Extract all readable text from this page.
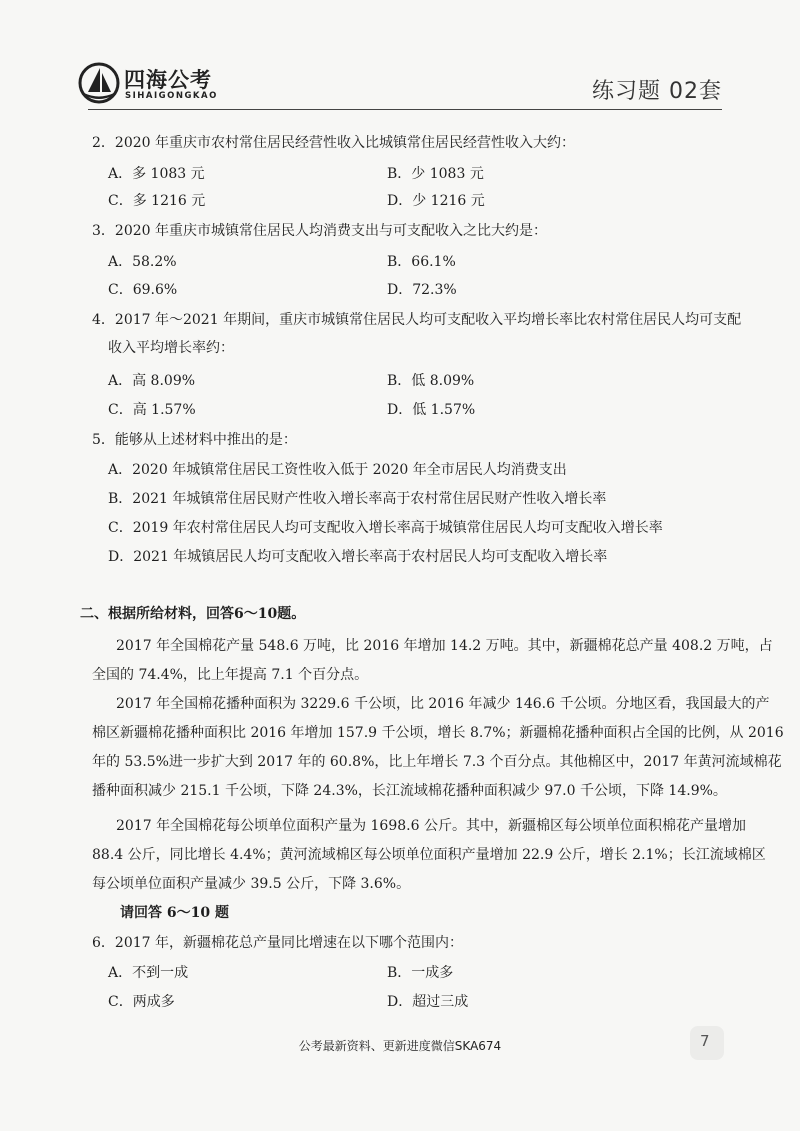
四海公考
SIHAIGONGKAO	练习题 02套
2．2020 年重庆市农村常住居民经营性收入比城镇常住居民经营性收入大约：
A．多 1083 元	B．少 1083 元
C．多 1216 元	D．少 1216 元
3．2020 年重庆市城镇常住居民人均消费支出与可支配收入之比大约是：
A．58.2%	B．66.1%
C．69.6%	D．72.3%
4．2017 年～2021 年期间，重庆市城镇常住居民人均可支配收入平均增长率比农村常住居民人均可支配
收入平均增长率约：
A．高 8.09%	B．低 8.09%
C．高 1.57%	D．低 1.57%
5．能够从上述材料中推出的是：
A．2020 年城镇常住居民工资性收入低于 2020 年全市居民人均消费支出
B．2021 年城镇常住居民财产性收入增长率高于农村常住居民财产性收入增长率
C．2019 年农村常住居民人均可支配收入增长率高于城镇常住居民人均可支配收入增长率
D．2021 年城镇居民人均可支配收入增长率高于农村居民人均可支配收入增长率
二、根据所给材料，回答6～10题。
2017 年全国棉花产量 548.6 万吨，比 2016 年增加 14.2 万吨。其中，新疆棉花总产量 408.2 万吨，占
全国的 74.4%，比上年提高 7.1 个百分点。
2017 年全国棉花播种面积为 3229.6 千公顷，比 2016 年减少 146.6 千公顷。分地区看，我国最大的产
棉区新疆棉花播种面积比 2016 年增加 157.9 千公顷，增长 8.7%；新疆棉花播种面积占全国的比例，从 2016
年的 53.5%进一步扩大到 2017 年的 60.8%，比上年增长 7.3 个百分点。其他棉区中，2017 年黄河流域棉花
播种面积减少 215.1 千公顷，下降 24.3%，长江流域棉花播种面积减少 97.0 千公顷，下降 14.9%。
2017 年全国棉花每公顷单位面积产量为 1698.6 公斤。其中，新疆棉区每公顷单位面积棉花产量增加
88.4 公斤，同比增长 4.4%；黄河流域棉区每公顷单位面积产量增加 22.9 公斤，增长 2.1%；长江流域棉区
每公顷单位面积产量减少 39.5 公斤，下降 3.6%。
请回答 6～10 题
6．2017 年，新疆棉花总产量同比增速在以下哪个范围内：
A．不到一成	B．一成多
C．两成多	D．超过三成
公考最新资料、更新进度微信SKA674	7
